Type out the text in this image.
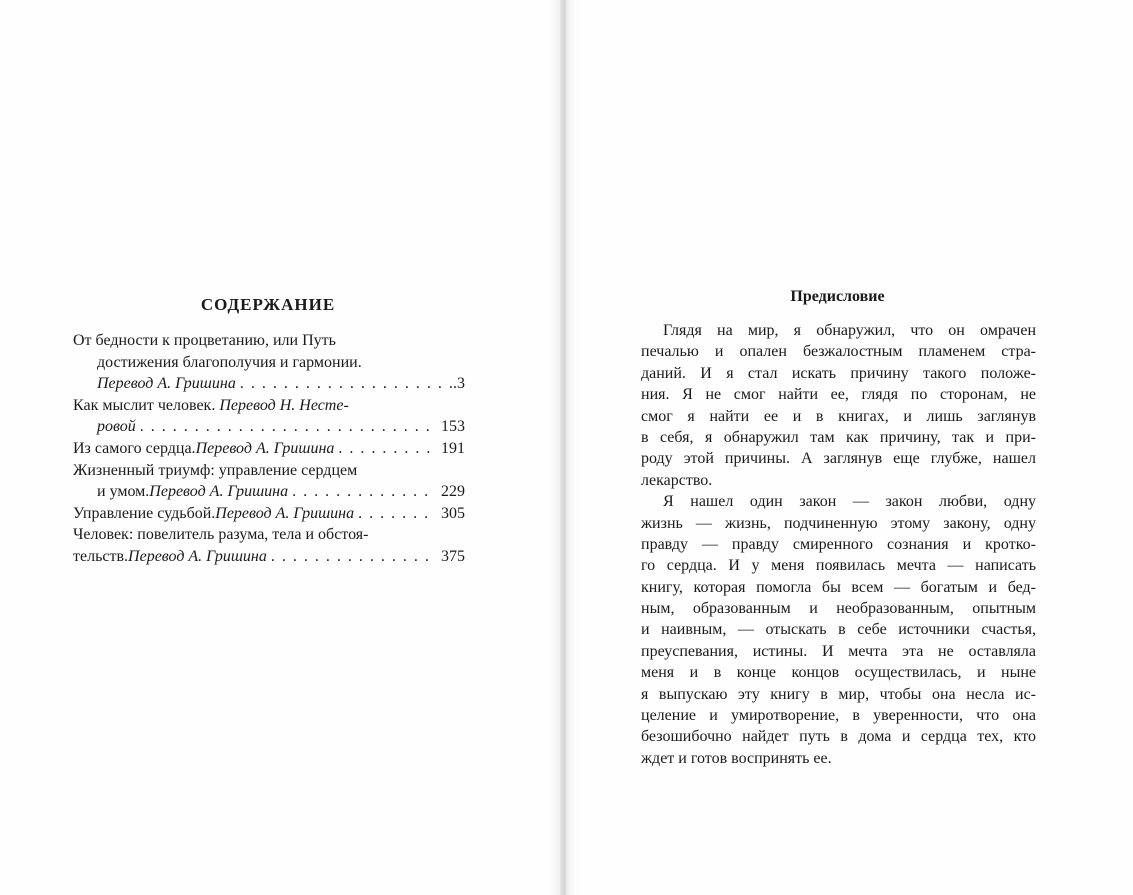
СОДЕРЖАНИЕ
От бедности к процветанию, или Путь
достижения благополучия и гармонии.
Перевод А. Гришина . . .	.3
Как мыслит человек. Перевод Н. Несте-
ровой . . .	153
Из самого сердца. Перевод А. Гришина . . .	191
Жизненный триумф: управление сердцем
и умом. Перевод А. Гришина . . .	229
Управление судьбой. Перевод А. Гришина . . .	305
Человек: повелитель разума, тела и обстоя-
тельств. Перевод А. Гришина . . .	375
Предисловие
Глядя на мир, я обнаружил, что он омрачен
печалью и опален безжалостным пламенем стра-
даний. И я стал искать причину такого положе-
ния. Я не смог найти ее, глядя по сторонам, не
смог я найти ее и в книгах, и лишь заглянув
в себя, я обнаружил там как причину, так и при-
роду этой причины. А заглянув еще глубже, нашел
лекарство.
Я нашел один закон — закон любви, одну
жизнь — жизнь, подчиненную этому закону, одну
правду — правду смиренного сознания и кротко-
го сердца. И у меня появилась мечта — написать
книгу, которая помогла бы всем — богатым и бед-
ным, образованным и необразованным, опытным
и наивным, — отыскать в себе источники счастья,
преуспевания, истины. И мечта эта не оставляла
меня и в конце концов осуществилась, и ныне
я выпускаю эту книгу в мир, чтобы она несла ис-
целение и умиротворение, в уверенности, что она
безошибочно найдет путь в дома и сердца тех, кто
ждет и готов воспринять ее.
